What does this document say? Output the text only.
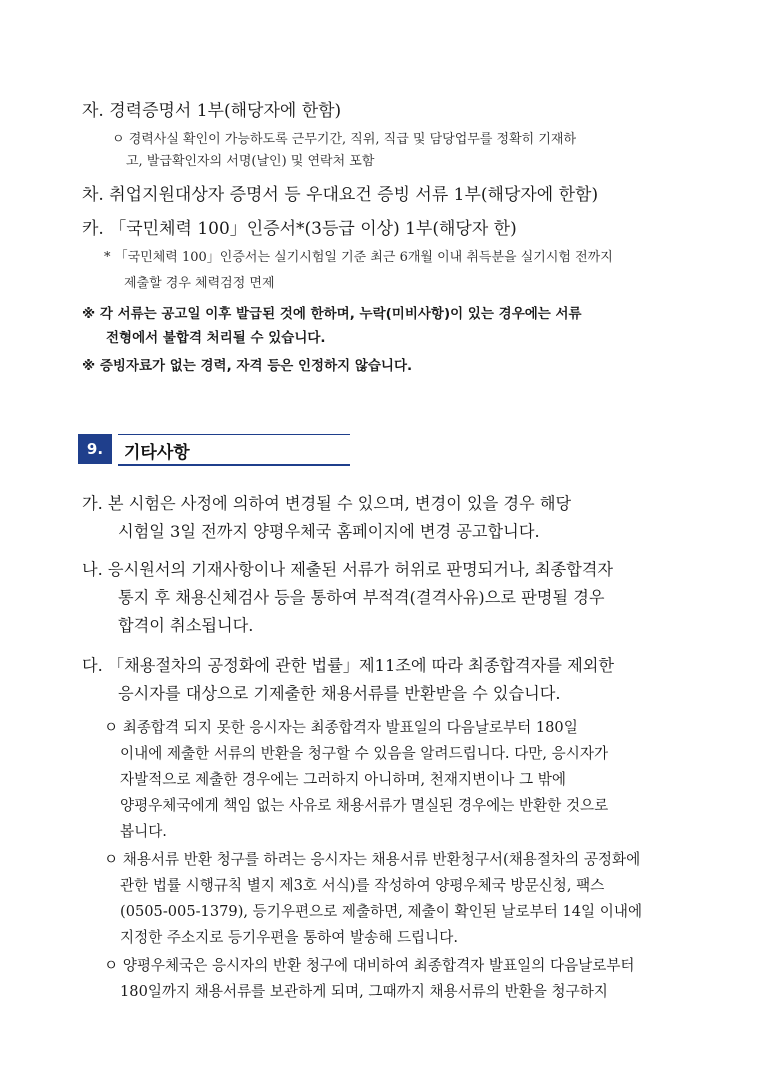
자. 경력증명서 1부(해당자에 한함)
ㅇ 경력사실 확인이 가능하도록 근무기간, 직위, 직급 및 담당업무를 정확히 기재하
고, 발급확인자의 서명(날인) 및 연락처 포함
차. 취업지원대상자 증명서 등 우대요건 증빙 서류 1부(해당자에 한함)
카. 「국민체력 100」인증서*(3등급 이상) 1부(해당자 한)
* 「국민체력 100」인증서는 실기시험일 기준 최근 6개월 이내 취득분을 실기시험 전까지
제출할 경우 체력검정 면제
※ 각 서류는 공고일 이후 발급된 것에 한하며, 누락(미비사항)이 있는 경우에는 서류
전형에서 불합격 처리될 수 있습니다.
※ 증빙자료가 없는 경력, 자격 등은 인정하지 않습니다.
9.	기타사항
가. 본 시험은 사정에 의하여 변경될 수 있으며, 변경이 있을 경우 해당
시험일 3일 전까지 양평우체국 홈페이지에 변경 공고합니다.
나. 응시원서의 기재사항이나 제출된 서류가 허위로 판명되거나, 최종합격자
통지 후 채용신체검사 등을 통하여 부적격(결격사유)으로 판명될 경우
합격이 취소됩니다.
다. 「채용절차의 공정화에 관한 법률」제11조에 따라 최종합격자를 제외한
응시자를 대상으로 기제출한 채용서류를 반환받을 수 있습니다.
ㅇ 최종합격 되지 못한 응시자는 최종합격자 발표일의 다음날로부터 180일
이내에 제출한 서류의 반환을 청구할 수 있음을 알려드립니다. 다만, 응시자가
자발적으로 제출한 경우에는 그러하지 아니하며, 천재지변이나 그 밖에
양평우체국에게 책임 없는 사유로 채용서류가 멸실된 경우에는 반환한 것으로
봅니다.
ㅇ 채용서류 반환 청구를 하려는 응시자는 채용서류 반환청구서(채용절차의 공정화에
관한 법률 시행규칙 별지 제3호 서식)를 작성하여 양평우체국 방문신청, 팩스
(0505-005-1379), 등기우편으로 제출하면, 제출이 확인된 날로부터 14일 이내에
지정한 주소지로 등기우편을 통하여 발송해 드립니다.
ㅇ 양평우체국은 응시자의 반환 청구에 대비하여 최종합격자 발표일의 다음날로부터
180일까지 채용서류를 보관하게 되며, 그때까지 채용서류의 반환을 청구하지
